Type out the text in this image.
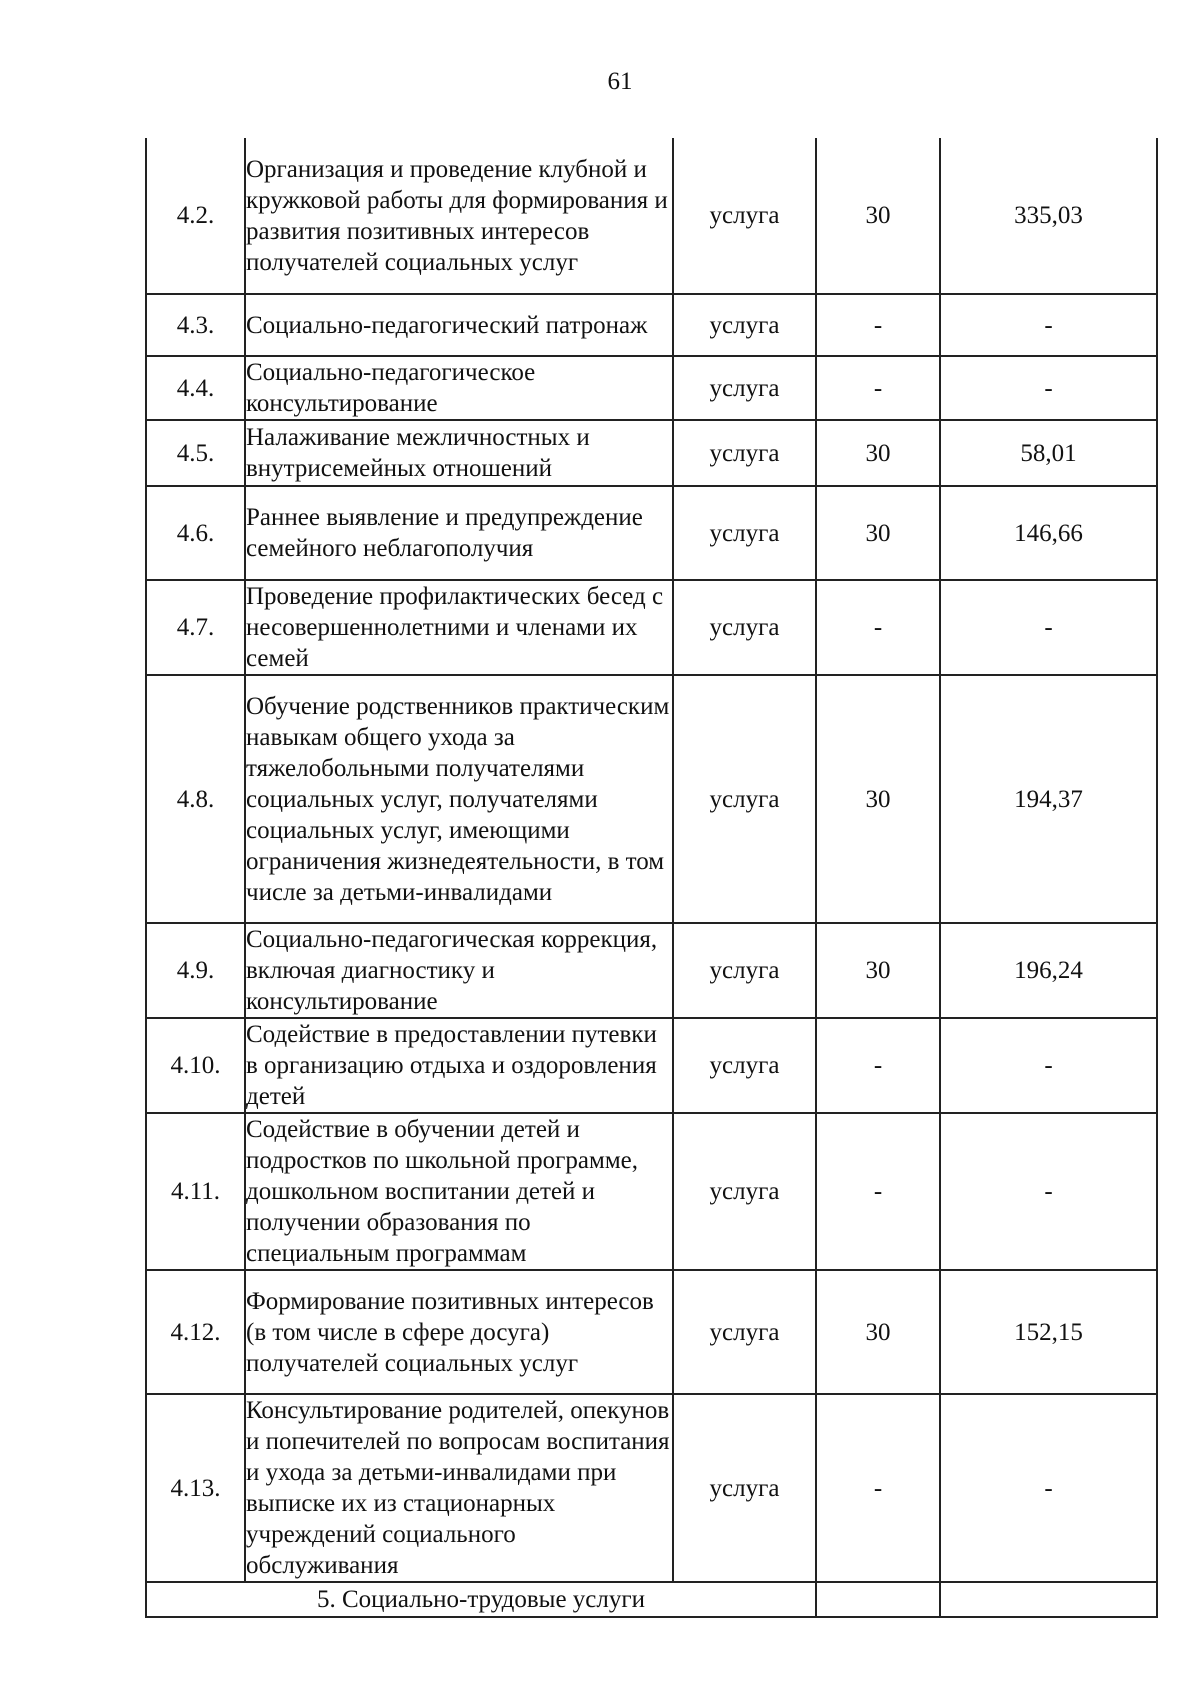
61
4.2.	Организация и проведение клубной и кружковой работы для формирования и развития позитивных интересов получателей социальных услуг	услуга	30	335,03
4.3.	Социально-педагогический патронаж	услуга	-	-
4.4.	Социально-педагогическое консультирование	услуга	-	-
4.5.	Налаживание межличностных и внутрисемейных отношений	услуга	30	58,01
4.6.	Раннее выявление и предупреждение семейного неблагополучия	услуга	30	146,66
4.7.	Проведение профилактических бесед с несовершеннолетними и членами их семей	услуга	-	-
4.8.	Обучение родственников практическим навыкам общего ухода за тяжелобольными получателями социальных услуг, получателями социальных услуг, имеющими ограничения жизнедеятельности, в том числе за детьми-инвалидами	услуга	30	194,37
4.9.	Социально-педагогическая коррекция, включая диагностику и консультирование	услуга	30	196,24
4.10.	Содействие в предоставлении путевки в организацию отдыха и оздоровления детей	услуга	-	-
4.11.	Содействие в обучении детей и подростков по школьной программе, дошкольном воспитании детей и получении образования по специальным программам	услуга	-	-
4.12.	Формирование позитивных интересов (в том числе в сфере досуга) получателей социальных услуг	услуга	30	152,15
4.13.	Консультирование родителей, опекунов и попечителей по вопросам воспитания и ухода за детьми-инвалидами при выписке их из стационарных учреждений социального обслуживания	услуга	-	-
5. Социально-трудовые услуги				
